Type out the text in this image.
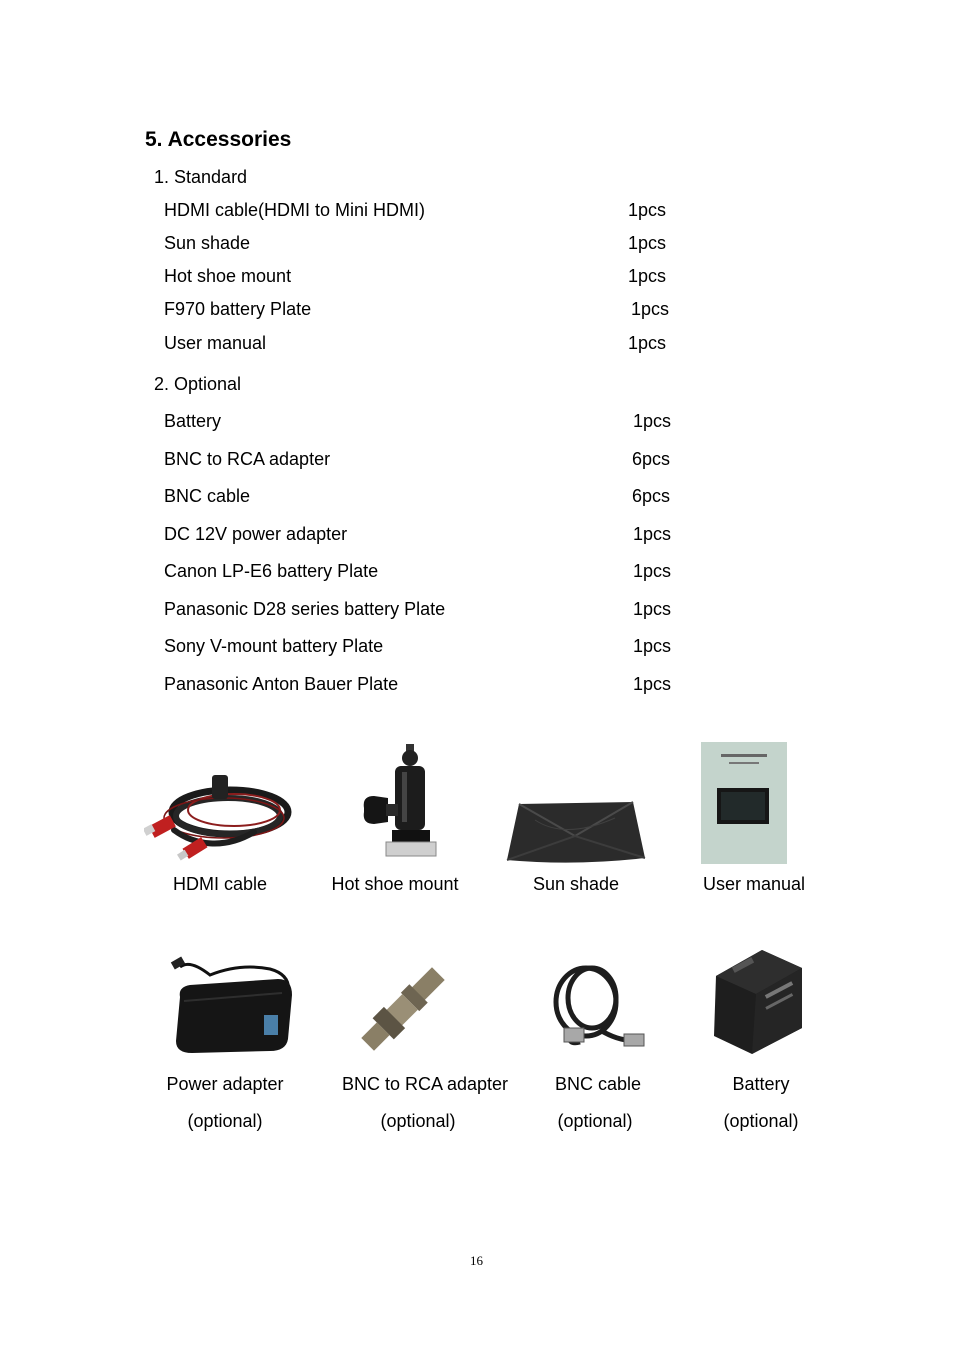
5. Accessories
1. Standard
HDMI cable(HDMI to Mini HDMI)	1pcs
Sun shade	1pcs
Hot shoe mount	1pcs
F970 battery Plate	1pcs
User manual	1pcs
2. Optional
Battery	1pcs
BNC to RCA adapter	6pcs
BNC cable	6pcs
DC 12V power adapter	1pcs
Canon LP-E6 battery Plate	1pcs
Panasonic D28 series battery Plate	1pcs
Sony V-mount battery Plate	1pcs
Panasonic Anton Bauer Plate	1pcs
HDMI cable	Hot shoe mount	Sun shade	User manual
Power adapter
(optional)
BNC to RCA adapter
(optional)
BNC cable
(optional)
Battery
(optional)
16
